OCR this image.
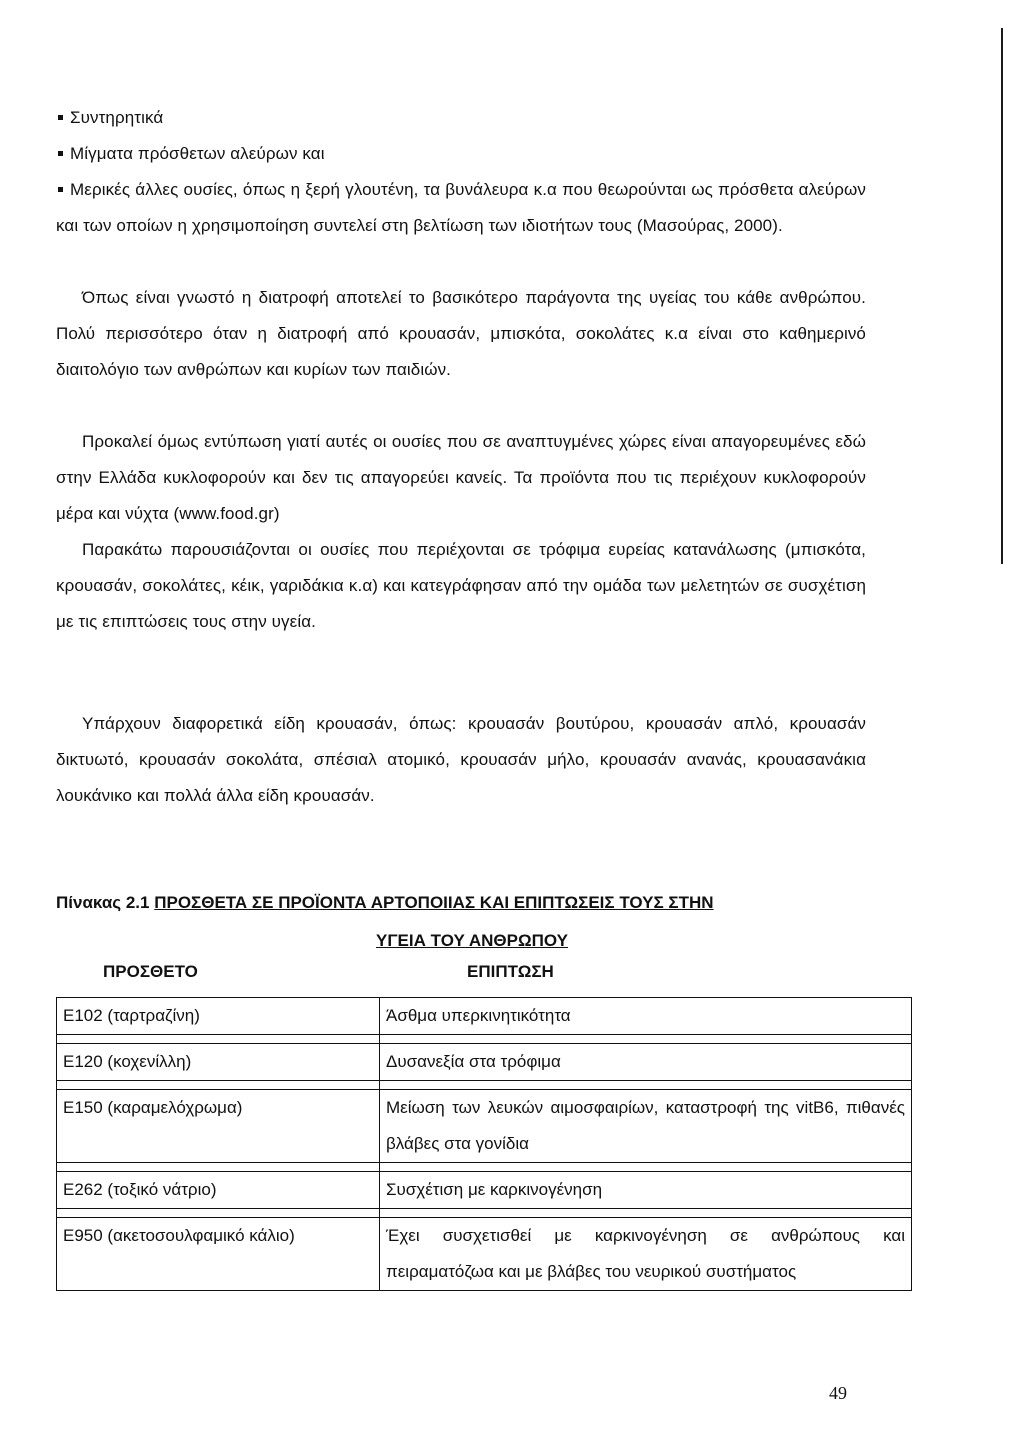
Συντηρητικά
Μίγματα πρόσθετων αλεύρων και
Μερικές άλλες ουσίες, όπως η ξερή γλουτένη, τα βυνάλευρα κ.α που θεωρούνται ως πρόσθετα αλεύρων και των οποίων η χρησιμοποίηση συντελεί στη βελτίωση των ιδιοτήτων τους (Μασούρας, 2000).
Όπως είναι γνωστό η διατροφή αποτελεί το βασικότερο παράγοντα της υγείας του κάθε ανθρώπου. Πολύ περισσότερο όταν η διατροφή από κρουασάν, μπισκότα, σοκολάτες κ.α είναι στο καθημερινό διαιτολόγιο των ανθρώπων και κυρίων των παιδιών.
Προκαλεί όμως εντύπωση γιατί αυτές οι ουσίες που σε αναπτυγμένες χώρες είναι απαγορευμένες εδώ στην Ελλάδα κυκλοφορούν και δεν τις απαγορεύει κανείς. Τα προϊόντα που τις περιέχουν κυκλοφορούν μέρα και νύχτα (www.food.gr)
Παρακάτω παρουσιάζονται οι ουσίες που περιέχονται σε τρόφιμα ευρείας κατανάλωσης (μπισκότα, κρουασάν, σοκολάτες, κέικ, γαριδάκια κ.α) και κατεγράφησαν από την ομάδα των μελετητών σε συσχέτιση με τις επιπτώσεις τους στην υγεία.
Υπάρχουν διαφορετικά είδη κρουασάν, όπως: κρουασάν βουτύρου, κρουασάν απλό, κρουασάν δικτυωτό, κρουασάν σοκολάτα, σπέσιαλ ατομικό, κρουασάν μήλο, κρουασάν ανανάς, κρουασανάκια λουκάνικο και πολλά άλλα είδη κρουασάν.
Πίνακας 2.1 ΠΡΟΣΘΕΤΑ ΣΕ ΠΡΟΪΟΝΤΑ ΑΡΤΟΠΟΙΙΑΣ ΚΑΙ ΕΠΙΠΤΩΣΕΙΣ ΤΟΥΣ ΣΤΗΝ
ΥΓΕΙΑ ΤΟΥ ΑΝΘΡΩΠΟΥ
ΠΡΟΣΘΕΤΟ	ΕΠΙΠΤΩΣΗ
Ε102 (ταρτραζίνη)	Άσθμα υπερκινητικότητα

Ε120 (κοχενίλλη)	Δυσανεξία στα τρόφιμα

Ε150 (καραμελόχρωμα)	Μείωση των λευκών αιμοσφαιρίων, καταστροφή της vitB6, πιθανές βλάβες στα γονίδια

Ε262 (τοξικό νάτριο)	Συσχέτιση με καρκινογένηση

Ε950 (ακετοσουλφαμικό κάλιο)	Έχει συσχετισθεί με καρκινογένηση σε ανθρώπους και πειραματόζωα και με βλάβες του νευρικού συστήματος
49
